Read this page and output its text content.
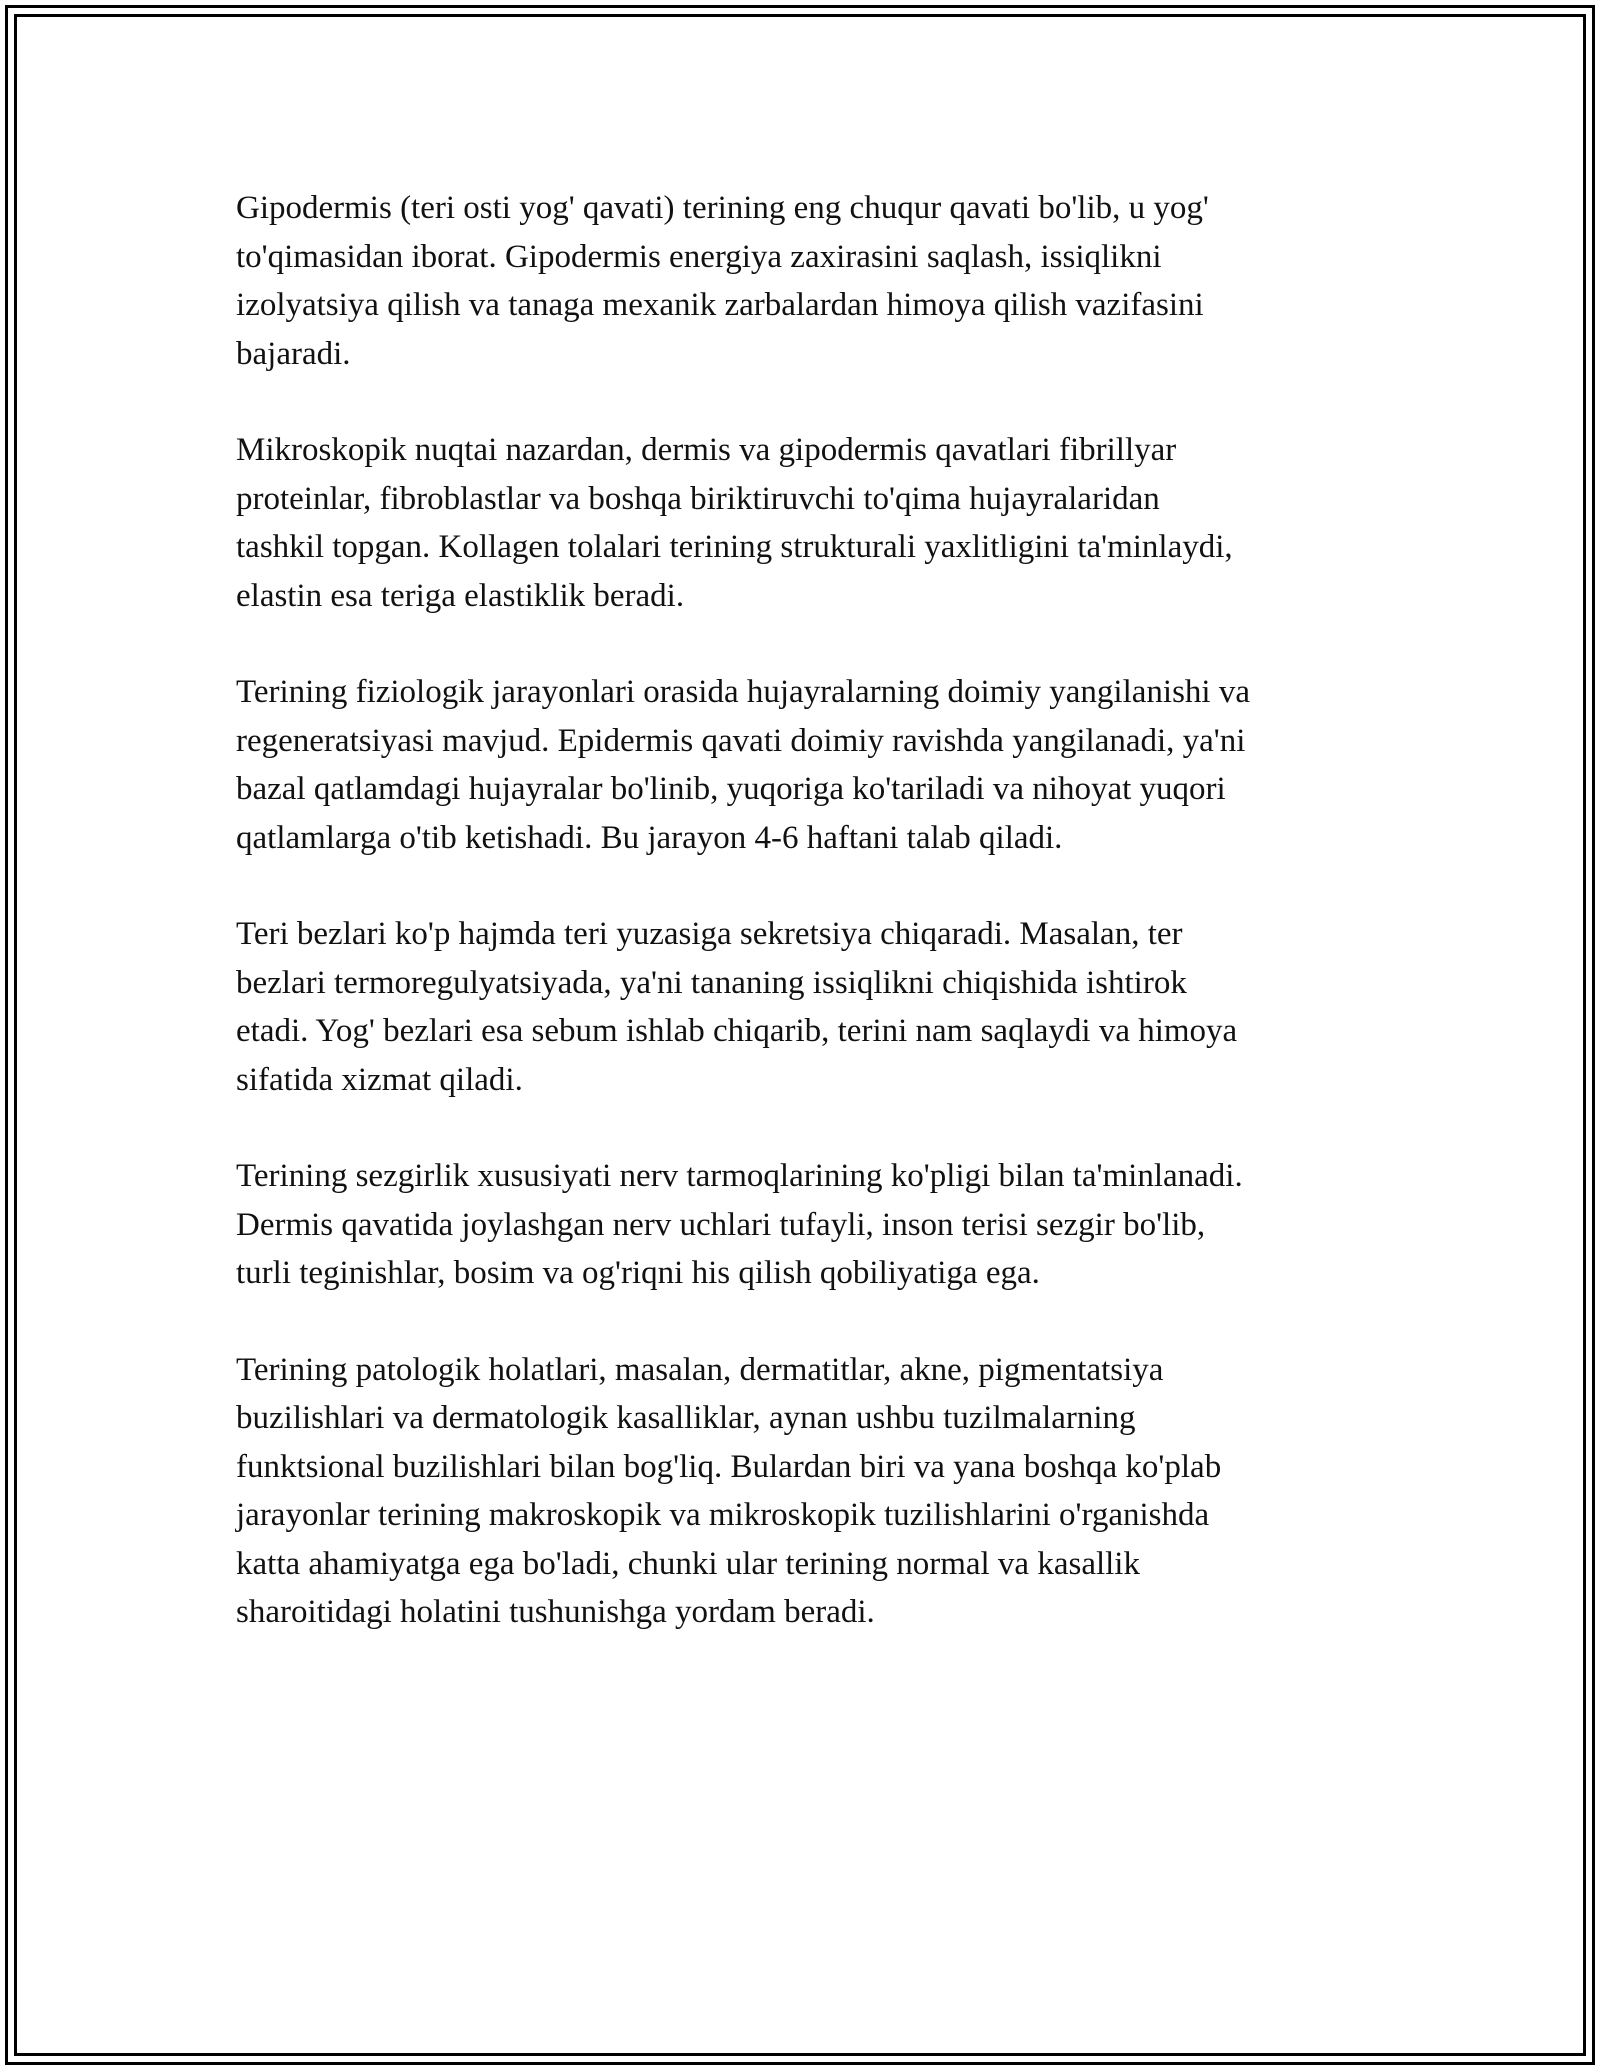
Gipodermis (teri osti yog' qavati) terining eng chuqur qavati bo'lib, u yog'
to'qimasidan iborat. Gipodermis energiya zaxirasini saqlash, issiqlikni
izolyatsiya qilish va tanaga mexanik zarbalardan himoya qilish vazifasini
bajaradi.

Mikroskopik nuqtai nazardan, dermis va gipodermis qavatlari fibrillyar
proteinlar, fibroblastlar va boshqa biriktiruvchi to'qima hujayralaridan
tashkil topgan. Kollagen tolalari terining strukturali yaxlitligini ta'minlaydi,
elastin esa teriga elastiklik beradi.

Terining fiziologik jarayonlari orasida hujayralarning doimiy yangilanishi va
regeneratsiyasi mavjud. Epidermis qavati doimiy ravishda yangilanadi, ya'ni
bazal qatlamdagi hujayralar bo'linib, yuqoriga ko'tariladi va nihoyat yuqori
qatlamlarga o'tib ketishadi. Bu jarayon 4-6 haftani talab qiladi.

Teri bezlari ko'p hajmda teri yuzasiga sekretsiya chiqaradi. Masalan, ter
bezlari termoregulyatsiyada, ya'ni tananing issiqlikni chiqishida ishtirok
etadi. Yog' bezlari esa sebum ishlab chiqarib, terini nam saqlaydi va himoya
sifatida xizmat qiladi.

Terining sezgirlik xususiyati nerv tarmoqlarining ko'pligi bilan ta'minlanadi.
Dermis qavatida joylashgan nerv uchlari tufayli, inson terisi sezgir bo'lib,
turli teginishlar, bosim va og'riqni his qilish qobiliyatiga ega.

Terining patologik holatlari, masalan, dermatitlar, akne, pigmentatsiya
buzilishlari va dermatologik kasalliklar, aynan ushbu tuzilmalarning
funktsional buzilishlari bilan bog'liq. Bulardan biri va yana boshqa ko'plab
jarayonlar terining makroskopik va mikroskopik tuzilishlarini o'rganishda
katta ahamiyatga ega bo'ladi, chunki ular terining normal va kasallik
sharoitidagi holatini tushunishga yordam beradi.
